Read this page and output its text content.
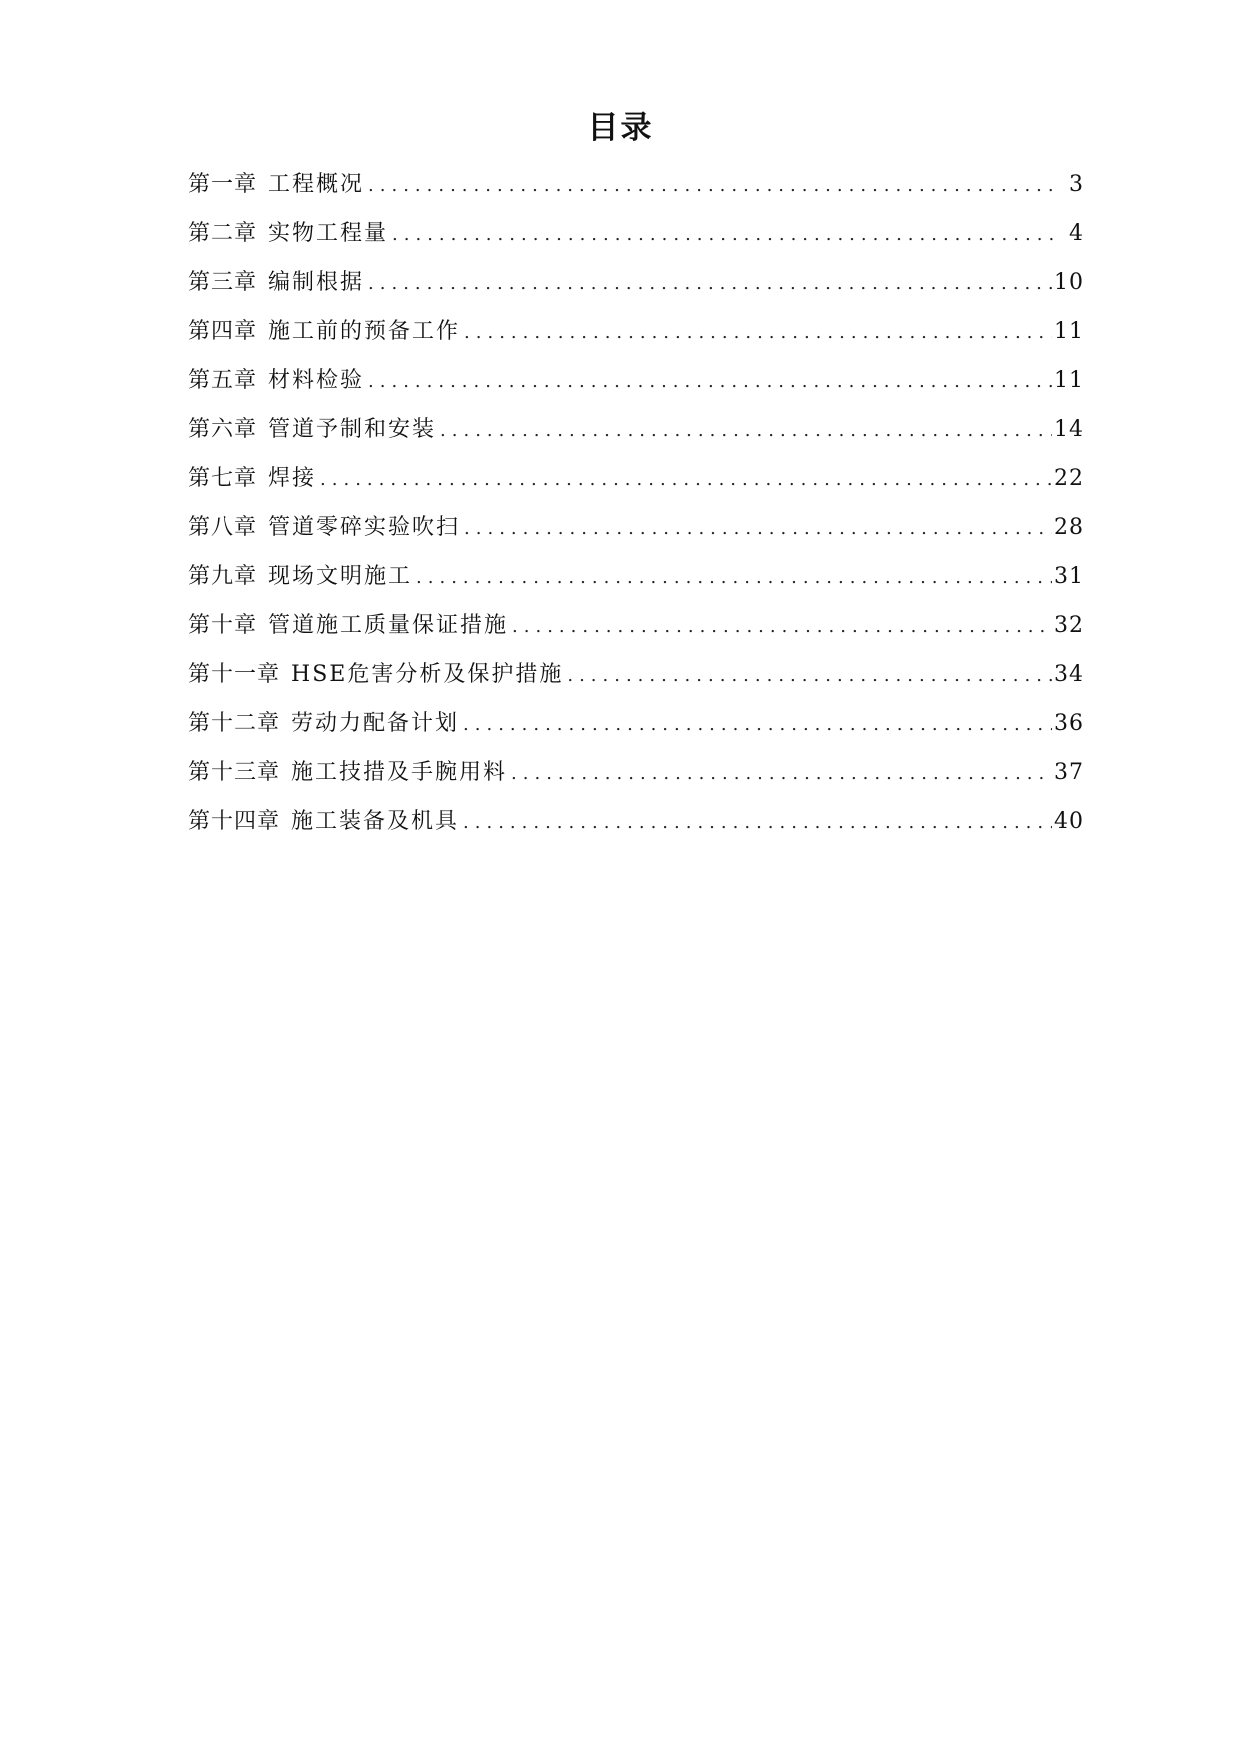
目录
第一章 工程概况 .....	3
第二章 实物工程量 .....	4
第三章 编制根据 .....	10
第四章 施工前的预备工作 .....	11
第五章 材料检验 .....	11
第六章 管道予制和安装 .....	14
第七章 焊接 .....	22
第八章 管道零碎实验吹扫 .....	28
第九章 现场文明施工 .....	31
第十章 管道施工质量保证措施 .....	32
第十一章 HSE危害分析及保护措施 .....	34
第十二章 劳动力配备计划 .....	36
第十三章 施工技措及手腕用料 .....	37
第十四章 施工装备及机具 .....	40
